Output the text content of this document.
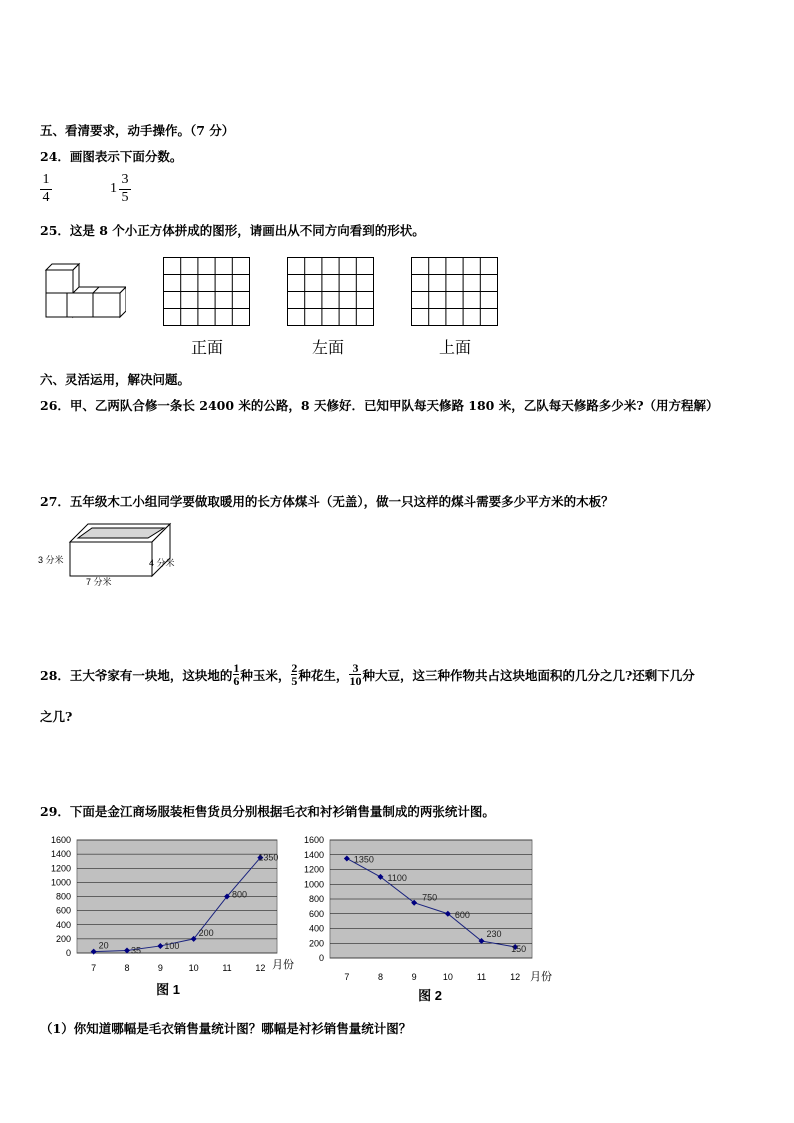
五、看清要求，动手操作。（7 分）
24．画图表示下面分数。
$\frac{1}{4}$	$1 \frac{3}{5}$
25．这是 8 个小正方体拼成的图形，请画出从不同方向看到的形状。
正面	左面	上面
六、灵活运用，解决问题。
26．甲、乙两队合修一条长 2400 米的公路，8 天修好．已知甲队每天修路 180 米，乙队每天修路多少米?（用方程解）
27．五年级木工小组同学要做取暖用的长方体煤斗（无盖），做一只这样的煤斗需要多少平方米的木板？
3 分米	4 分米
7 分米
28．王大爷家有一块地，这块地的 $\frac{1}{6}$ 种玉米， $\frac{2}{5}$ 种花生， $\frac{3}{10}$ 种大豆，这三种作物共占这块地面积的几分之几?还剩下几分
之几?
29．下面是金江商场服装柜售货员分别根据毛衣和衬衫销售量制成的两张统计图。
0
200
400
600
800
1000
1200
1400
1600
7	8	9	10	11	12
20 35	100
200
800
1350
月份
图 1
0
200
400
600
800
1000
1200
1400
1600
7	8	9	10	11	12
1350
1100
750
600
230
150
月份
图 2
（1）你知道哪幅是毛衣销售量统计图？哪幅是衬衫销售量统计图？
